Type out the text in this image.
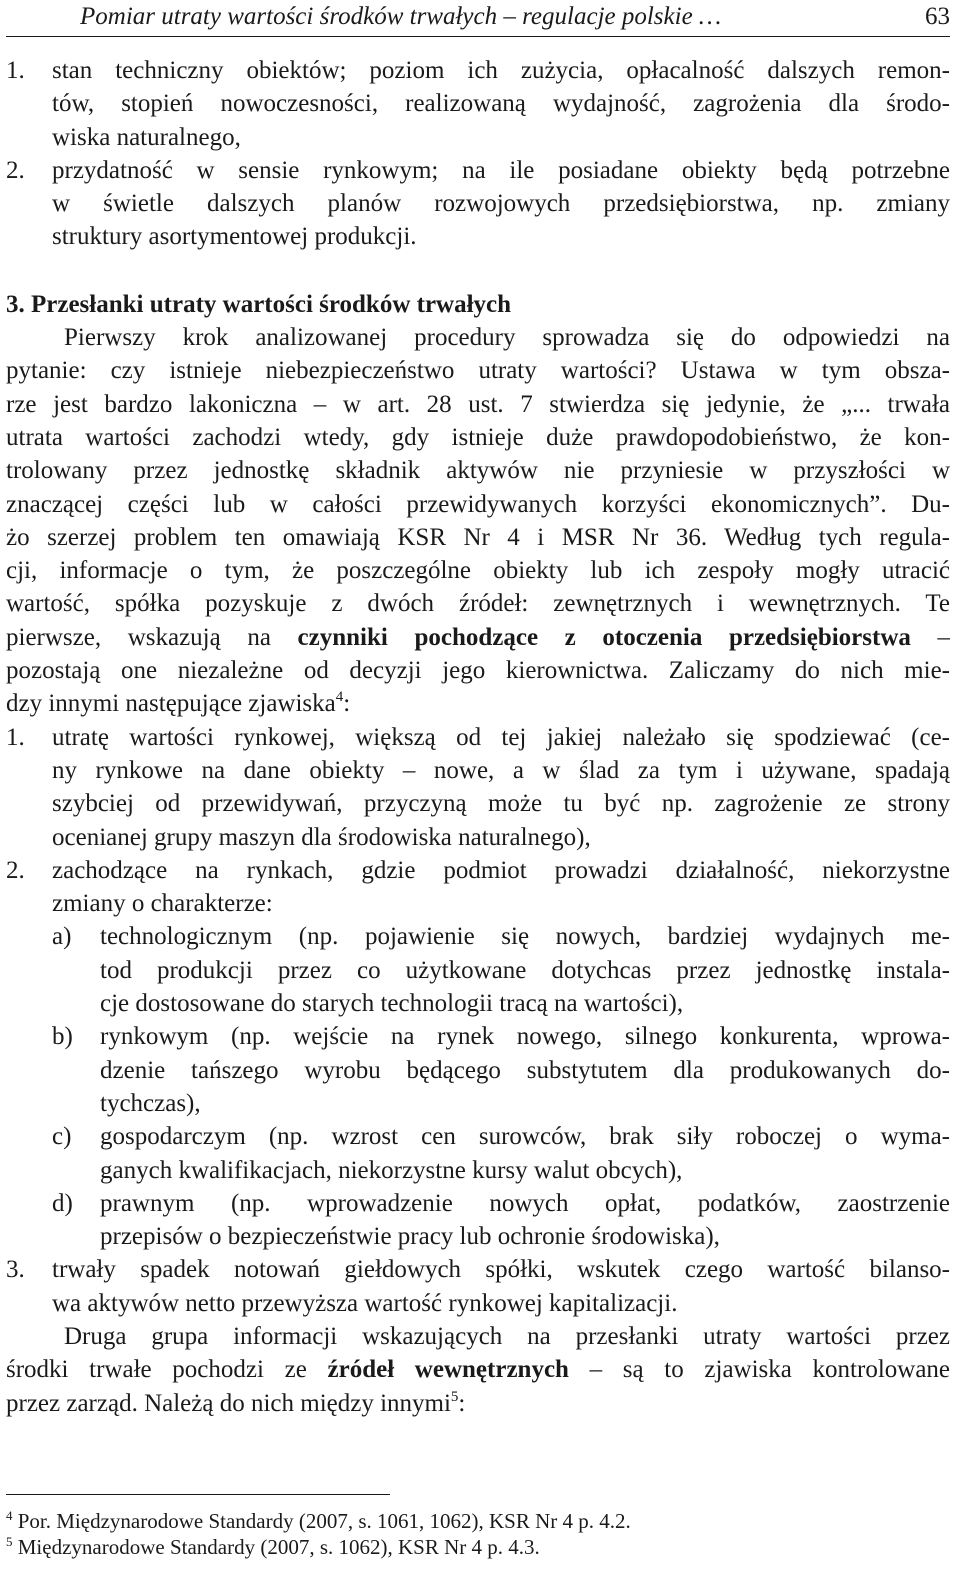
Pomiar utraty wartości środków trwałych – regulacje polskie …	63
1. stan techniczny obiektów; poziom ich zużycia, opłacalność dalszych remon-
tów, stopień nowoczesności, realizowaną wydajność, zagrożenia dla środo-
wiska naturalnego,
2. przydatność w sensie rynkowym; na ile posiadane obiekty będą potrzebne
w świetle dalszych planów rozwojowych przedsiębiorstwa, np. zmiany
struktury asortymentowej produkcji.
3. Przesłanki utraty wartości środków trwałych
Pierwszy krok analizowanej procedury sprowadza się do odpowiedzi na
pytanie: czy istnieje niebezpieczeństwo utraty wartości? Ustawa w tym obsza-
rze jest bardzo lakoniczna – w art. 28 ust. 7 stwierdza się jedynie, że „... trwała
utrata wartości zachodzi wtedy, gdy istnieje duże prawdopodobieństwo, że kon-
trolowany przez jednostkę składnik aktywów nie przyniesie w przyszłości w
znaczącej części lub w całości przewidywanych korzyści ekonomicznych”. Du-
żo szerzej problem ten omawiają KSR Nr 4 i MSR Nr 36. Według tych regula-
cji, informacje o tym, że poszczególne obiekty lub ich zespoły mogły utracić
wartość, spółka pozyskuje z dwóch źródeł: zewnętrznych i wewnętrznych. Te
pierwsze, wskazują na czynniki pochodzące z otoczenia przedsiębiorstwa –
pozostają one niezależne od decyzji jego kierownictwa. Zaliczamy do nich mie-
dzy innymi następujące zjawiska$^4$:
1. utratę wartości rynkowej, większą od tej jakiej należało się spodziewać (ce-
ny rynkowe na dane obiekty – nowe, a w ślad za tym i używane, spadają
szybciej od przewidywań, przyczyną może tu być np. zagrożenie ze strony
ocenianej grupy maszyn dla środowiska naturalnego),
2. zachodzące na rynkach, gdzie podmiot prowadzi działalność, niekorzystne
zmiany o charakterze:
a) technologicznym (np. pojawienie się nowych, bardziej wydajnych me-
tod produkcji przez co użytkowane dotychcas przez jednostkę instala-
cje dostosowane do starych technologii tracą na wartości),
b) rynkowym (np. wejście na rynek nowego, silnego konkurenta, wprowa-
dzenie tańszego wyrobu będącego substytutem dla produkowanych do-
tychczas),
c) gospodarczym (np. wzrost cen surowców, brak siły roboczej o wyma-
ganych kwalifikacjach, niekorzystne kursy walut obcych),
d) prawnym (np. wprowadzenie nowych opłat, podatków, zaostrzenie
przepisów o bezpieczeństwie pracy lub ochronie środowiska),
3. trwały spadek notowań giełdowych spółki, wskutek czego wartość bilanso-
wa aktywów netto przewyższa wartość rynkowej kapitalizacji.
Druga grupa informacji wskazujących na przesłanki utraty wartości przez
środki trwałe pochodzi ze źródeł wewnętrznych – są to zjawiska kontrolowane
przez zarząd. Należą do nich między innymi$^5$:
$^4$ Por. Międzynarodowe Standardy (2007, s. 1061, 1062), KSR Nr 4 p. 4.2.
$^5$ Międzynarodowe Standardy (2007, s. 1062), KSR Nr 4 p. 4.3.
